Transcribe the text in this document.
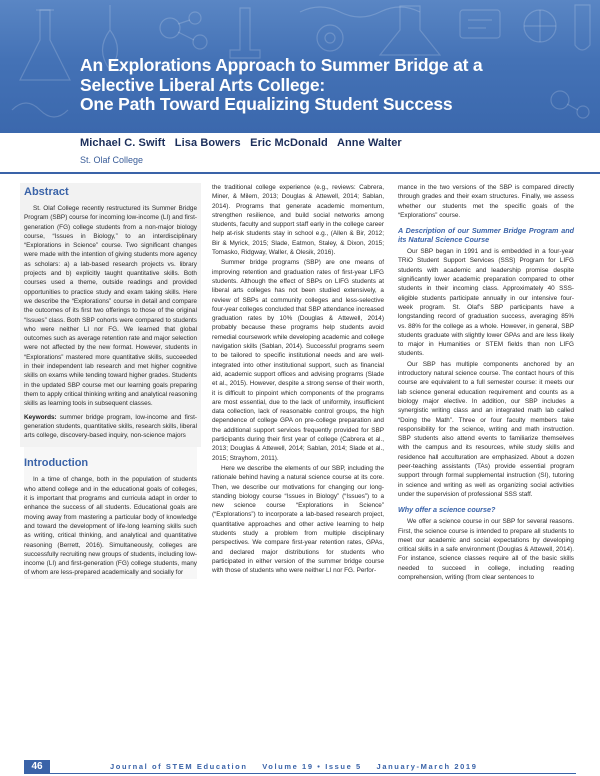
An Explorations Approach to Summer Bridge at a
Selective Liberal Arts College:
One Path Toward Equalizing Student Success
Michael C. Swift   Lisa Bowers   Eric McDonald   Anne Walter
St. Olaf College
Abstract

St. Olaf College recently restructured its Summer Bridge Program (SBP) course for incoming low-income (LI) and first-generation (FG) college students from a non-major biology course, “Issues in Biology,” to an interdisciplinary “Explorations in Science” course. Two significant changes were made with the intention of giving students more agency as scholars: a) a lab-based research projects vs. library projects and b) explicitly taught quantitative skills. Both courses used a theme, outside readings and provided opportunities to practice study and exam taking skills. Here we describe the “Explorations” course in detail and compare the outcomes of its first two offerings to those of the original “Issues” class. Both SBP cohorts were compared to students who were neither LI nor FG. We learned that global outcomes such as average retention rate and major selection were not affected by the new format. However, students in “Explorations” mastered more quantitative skills, succeeded in their independent lab research and met higher cognitive skills on exams while tending toward higher grades. Students in the updated SBP course met our learning goals preparing them to apply critical thinking writing and analytical reasoning skills as learning tools in subsequent classes.

Keywords: summer bridge program, low-income and first-generation students, quantitative skills, research skills, liberal arts college, discovery-based inquiry, non-science majors

Introduction

In a time of change, both in the population of students who attend college and in the educational goals of colleges, it is important that programs and curricula adapt in order to enhance the success of all students. Educational goals are moving away from mastering a particular body of knowledge and toward the development of life-long learning skills such as writing, critical thinking, and analytical and quantitative reasoning (Berrett, 2016). Simultaneously, colleges are successfully recruiting new groups of students, including low-income (LI) and first-generation (FG) college students, many of whom are less-prepared academically and socially for

the traditional college experience (e.g., reviews: Cabrera, Miner, & Milem, 2013; Douglas & Attewell, 2014; Sablan, 2014). Programs that generate academic momentum, strengthen resilience, and build social networks among students, faculty and support staff early in the college career help at-risk students stay in school e.g., (Allen & Bir, 2012; Bir & Myrick, 2015; Slade, Eatmon, Staley, & Dixon, 2015; Tomasko, Ridgway, Waller, & Olesik, 2016).

Summer bridge programs (SBP) are one means of improving retention and graduation rates of first-year LIFG students. Although the effect of SBPs on LIFG students at liberal arts colleges has not been studied extensively, a review of SBPs at community colleges and less-selective four-year colleges concluded that SBP attendance increased graduation rates by 10% (Douglas & Attewell, 2014) probably because these programs help students avoid remedial coursework while developing academic and college navigation skills (Sablan, 2014). Successful programs seem to be tailored to specific institutional needs and are well-integrated into other institutional support, such as financial aid, academic support offices and advising programs (Slade et al., 2015). However, despite a strong sense of their worth, it is difficult to pinpoint which components of the programs are most essential, due to the lack of uniformity, insufficient data collection, lack of reasonable control groups, the high dependence of college GPA on pre-college preparation and the additional support services frequently provided for SBP participants during their first year of college (Cabrera et al., 2013; Douglas & Attewell, 2014; Sablan, 2014; Slade et al., 2015; Strayhorn, 2011).

Here we describe the elements of our SBP, including the rationale behind having a natural science course at its core. Then, we describe our motivations for changing our long-standing biology course “Issues in Biology” (“Issues”) to a new science course “Explorations in Science” (“Explorations”) to incorporate a lab-based research project, quantitative approaches and other active learning to help students study a problem from multiple disciplinary perspectives. We compare first-year retention rates, GPAs, and declared major distributions for students who participated in either version of the summer bridge course with those of students who were neither LI nor FG. Perfor-

mance in the two versions of the SBP is compared directly through grades and their exam structures. Finally, we assess whether our students met the specific goals of the “Explorations” course.

A Description of our Summer Bridge Program and its Natural Science Course

Our SBP began in 1991 and is embedded in a four-year TRiO Student Support Services (SSS) Program for LIFG students with academic and leadership promise despite significantly lower academic preparation compared to other students in their incoming class. Approximately 40 SSS-eligible students participate annually in our intensive four-week program. St. Olaf’s SBP participants have a longstanding record of graduation success, averaging 85% vs. 88% for the college as a whole. However, in general, SBP students graduate with slightly lower GPAs and are less likely to major in Humanities or STEM fields than non LIFG students.

Our SBP has multiple components anchored by an introductory natural science course. The contact hours of this course are equivalent to a full semester course: it meets our lab science general education requirement and counts as a biology major elective. In addition, our SBP includes a synergistic writing class and an integrated math lab called “Doing the Math”. Three or four faculty members take responsibility for the science, writing and math instruction. SBP students also attend events to familiarize themselves with the campus and its resources, while study skills and residence hall acculturation are emphasized. About a dozen peer-teaching assistants (TAs) provide essential program support through formal supplemental instruction (SI), tutoring in science and writing as well as organizing social activities under the supervision of professional SSS staff.

Why offer a science course?

We offer a science course in our SBP for several reasons. First, the science course is intended to prepare all students to meet our academic and social expectations by developing critical skills in a safe environment (Douglas & Attewell, 2014). For instance, science classes require all of the basic skills needed to succeed in college, including reading comprehension, writing (from clear sentences to

46	Journal of STEM Education    Volume 19 • Issue 5    January-March 2019
